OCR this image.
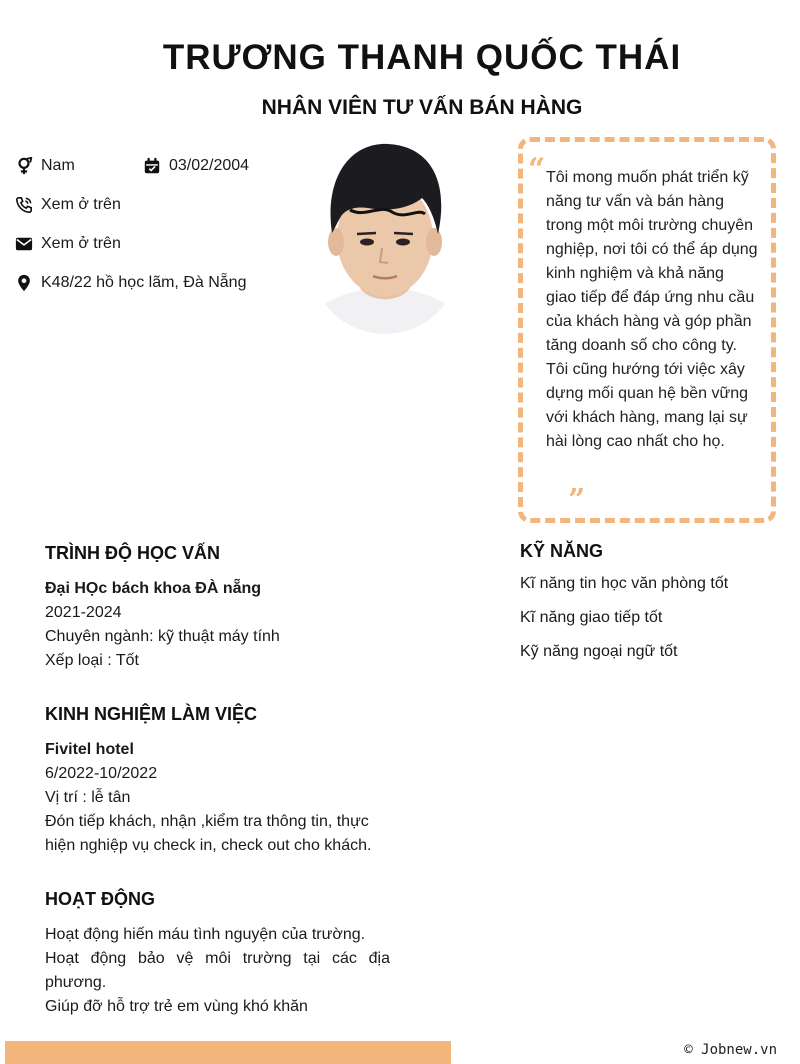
TRƯƠNG THANH QUỐC THÁI
NHÂN VIÊN TƯ VẤN BÁN HÀNG
Nam	03/02/2004
Xem ở trên
Xem ở trên
K48/22 hồ học lãm, Đà Nẵng
“ Tôi mong muốn phát triển kỹ năng tư vấn và bán hàng trong một môi trường chuyên nghiệp, nơi tôi có thể áp dụng kinh nghiệm và khả năng giao tiếp để đáp ứng nhu cầu của khách hàng và góp phần tăng doanh số cho công ty. Tôi cũng hướng tới việc xây dựng mối quan hệ bền vững với khách hàng, mang lại sự hài lòng cao nhất cho họ.
”
TRÌNH ĐỘ HỌC VẤN
Đại HỌc bách khoa ĐÀ nẵng
2021-2024
Chuyên ngành: kỹ thuật máy tính
Xếp loại : Tốt
KINH NGHIỆM LÀM VIỆC
Fivitel hotel
6/2022-10/2022
Vị trí : lễ tân
Đón tiếp khách, nhận ,kiểm tra thông tin, thực hiện nghiệp vụ check in, check out cho khách.
HOẠT ĐỘNG
Hoạt động hiến máu tình nguyện của trường.
Hoạt động bảo vệ môi trường tại các địa phương.
Giúp đỡ hỗ trợ trẻ em vùng khó khăn
KỸ NĂNG
Kĩ năng tin học văn phòng tốt
Kĩ năng giao tiếp tốt
Kỹ năng ngoại ngữ tốt
© Jobnew.vn
